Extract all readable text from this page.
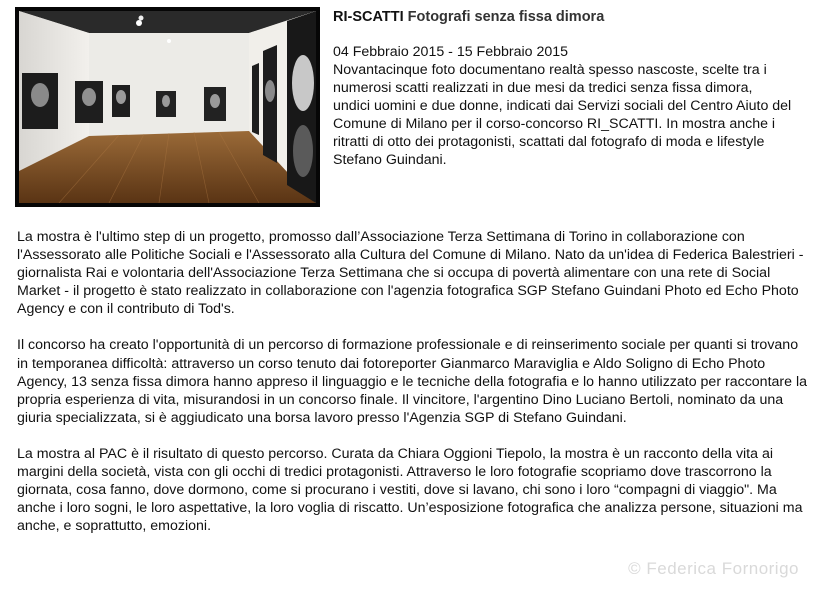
RI-SCATTI Fotografi senza fissa dimora

04 Febbraio 2015 - 15 Febbraio 2015

Novantacinque foto documentano realtà spesso nascoste, scelte tra i numerosi scatti realizzati in due mesi da tredici senza fissa dimora, undici uomini e due donne, indicati dai Servizi sociali del Centro Aiuto del Comune di Milano per il corso-concorso RI_SCATTI. In mostra anche i ritratti di otto dei protagonisti, scattati dal fotografo di moda e lifestyle Stefano Guindani.

La mostra è l'ultimo step di un progetto, promosso dall’Associazione Terza Settimana di Torino in collaborazione con l'Assessorato alle Politiche Sociali e l'Assessorato alla Cultura del Comune di Milano. Nato da un'idea di Federica Balestrieri - giornalista Rai e volontaria dell'Associazione Terza Settimana che si occupa di povertà alimentare con una rete di Social Market - il progetto è stato realizzato in collaborazione con l'agenzia fotografica SGP Stefano Guindani Photo ed Echo Photo Agency e con il contributo di Tod's.

Il concorso ha creato l'opportunità di un percorso di formazione professionale e di reinserimento sociale per quanti si trovano in temporanea difficoltà: attraverso un corso tenuto dai fotoreporter Gianmarco Maraviglia e Aldo Soligno di Echo Photo Agency, 13 senza fissa dimora hanno appreso il linguaggio e le tecniche della fotografia e lo hanno utilizzato per raccontare la propria esperienza di vita, misurandosi in un concorso finale. Il vincitore, l'argentino Dino Luciano Bertoli, nominato da una giuria specializzata, si è aggiudicato una borsa lavoro presso l'Agenzia SGP di Stefano Guindani.

La mostra al PAC è il risultato di questo percorso. Curata da Chiara Oggioni Tiepolo, la mostra è un racconto della vita ai margini della società, vista con gli occhi di tredici protagonisti. Attraverso le loro fotografie scopriamo dove trascorrono la giornata, cosa fanno, dove dormono, come si procurano i vestiti, dove si lavano, chi sono i loro “compagni di viaggio". Ma anche i loro sogni, le loro aspettative, la loro voglia di riscatto. Un’esposizione fotografica che analizza persone, situazioni ma anche, e soprattutto, emozioni.

© Federica Fornorigo
